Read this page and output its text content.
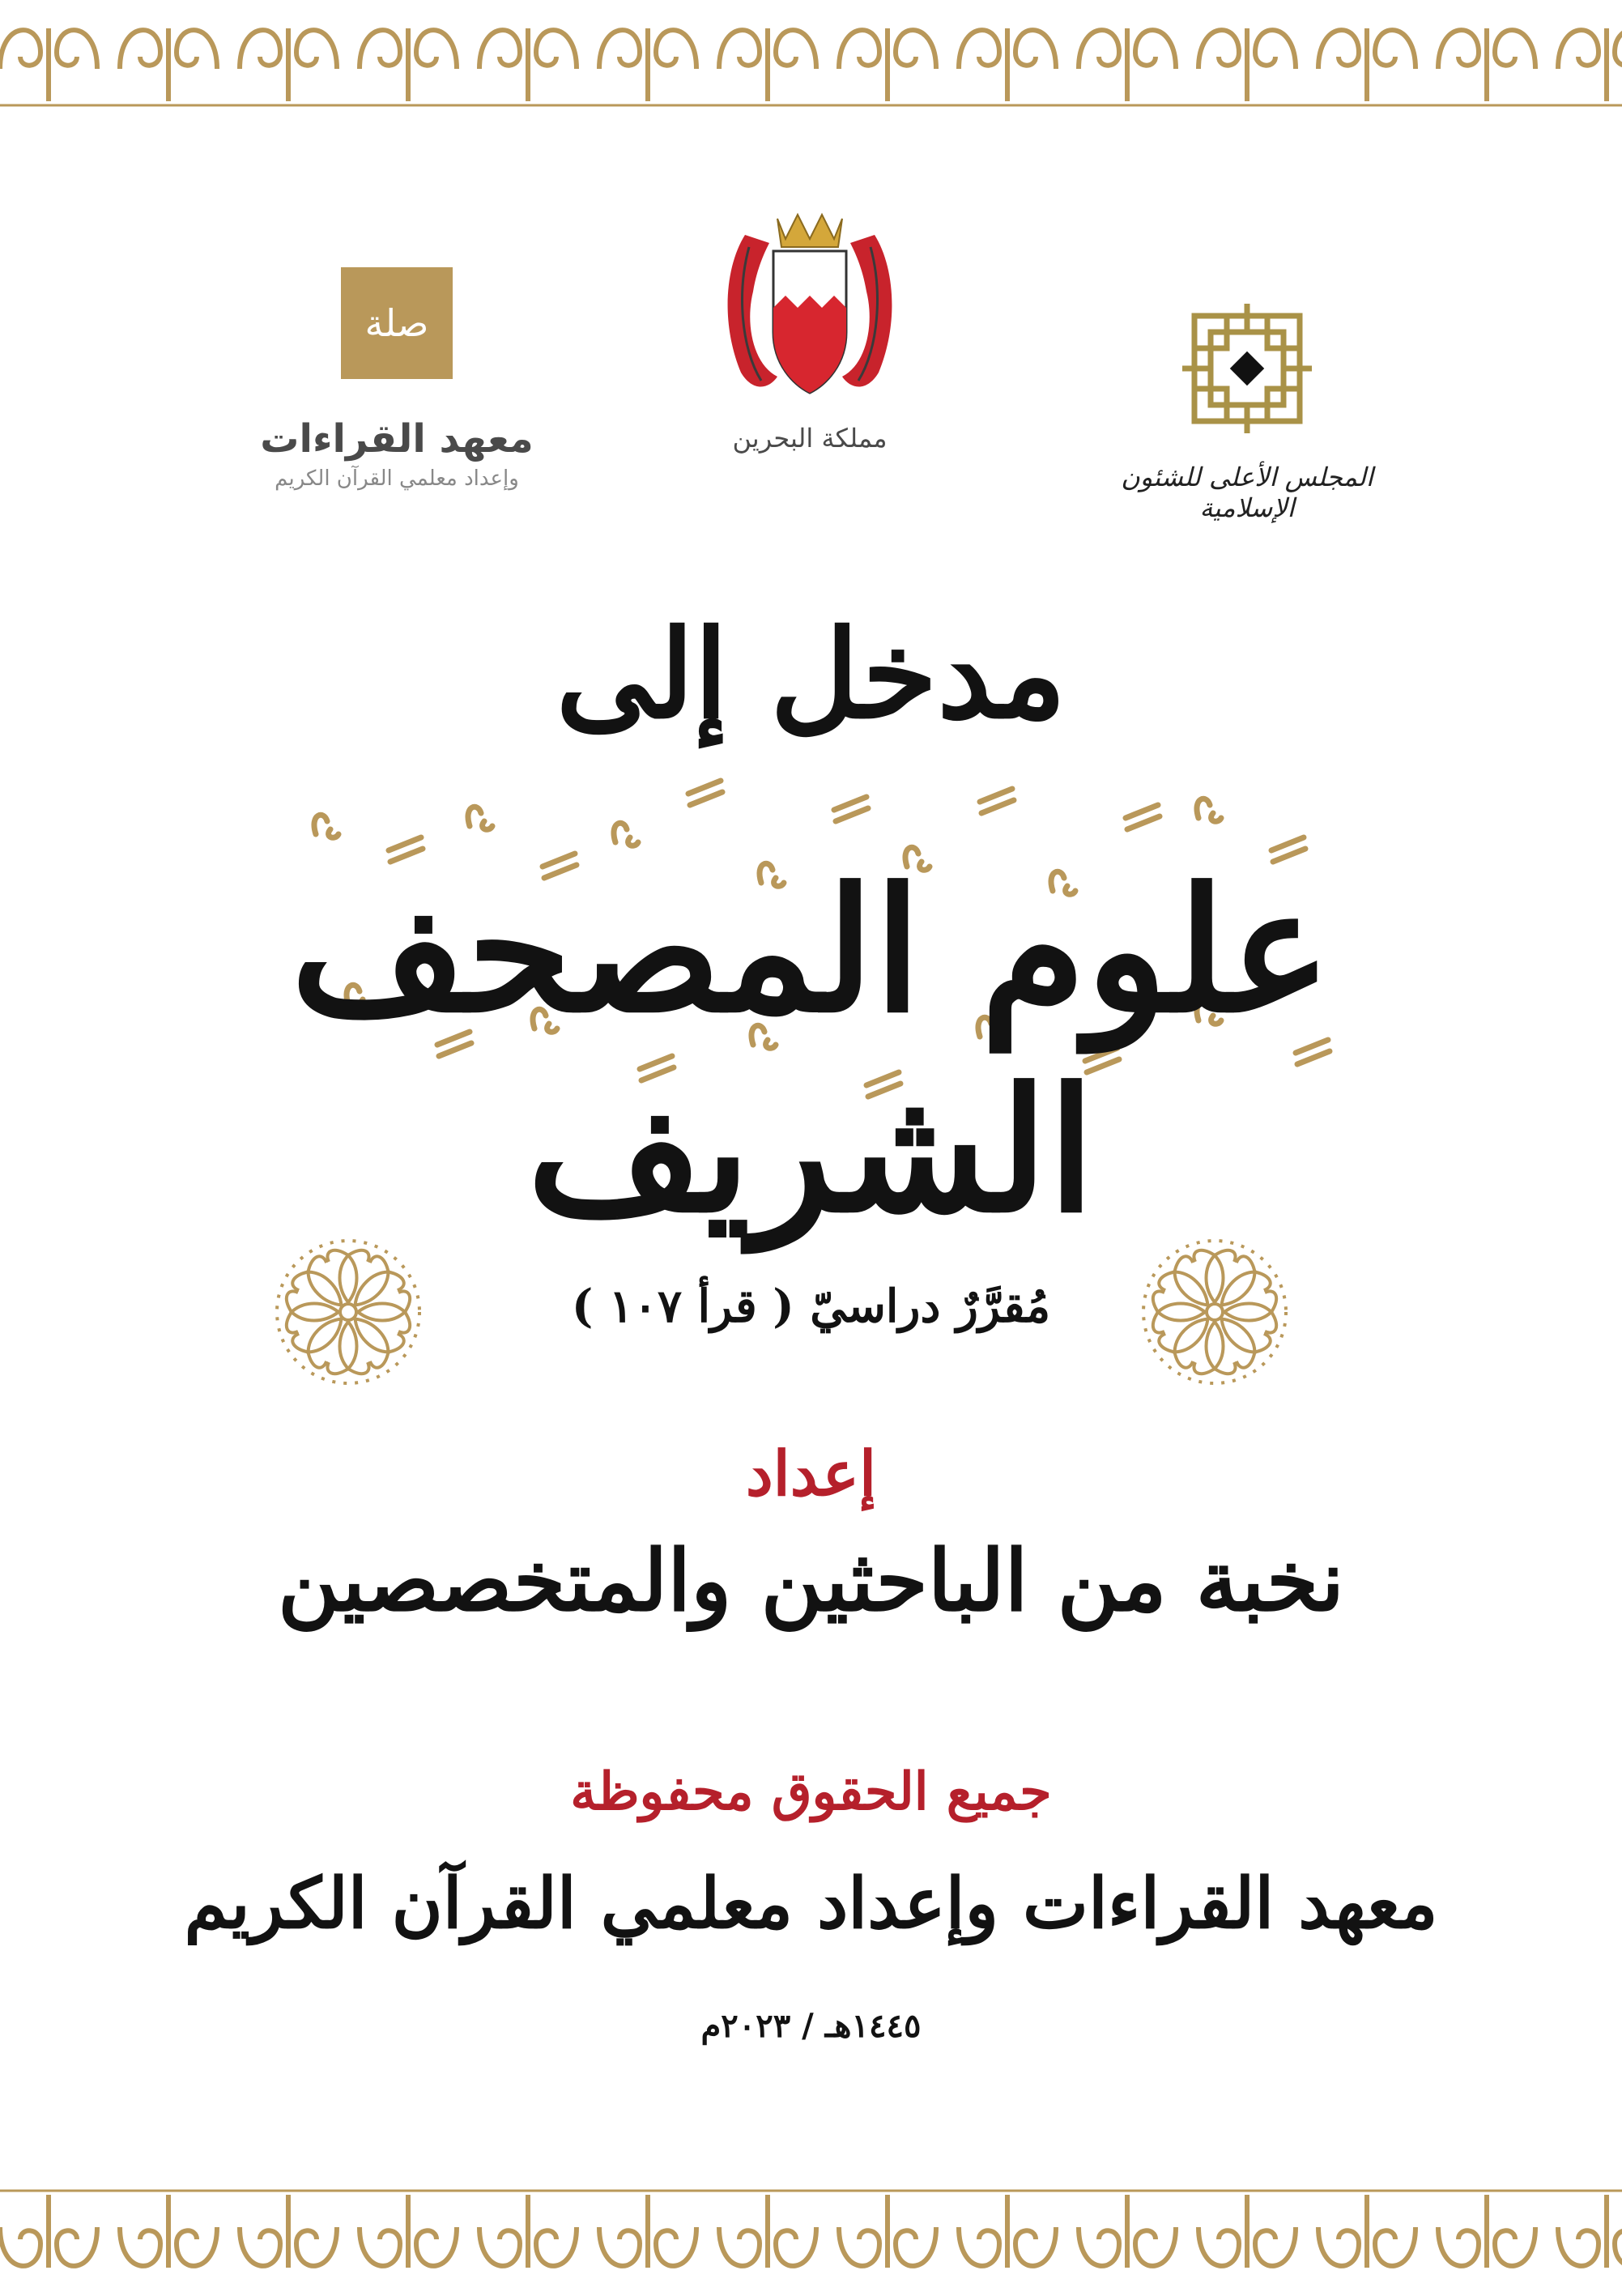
صلة
معهد القراءات
وإعداد معلمي القرآن الكريم
مملكة البحرين
المجلس الأعلى للشئون الإسلامية
مدخل إلى
علوم المصحف الشريف
مُقرَّرٌ دراسيّ ( قرأ ١٠٧ )
إعداد
نخبة من الباحثين والمتخصصين
جميع الحقوق محفوظة
معهد القراءات وإعداد معلمي القرآن الكريم
١٤٤٥هـ / ٢٠٢٣م
